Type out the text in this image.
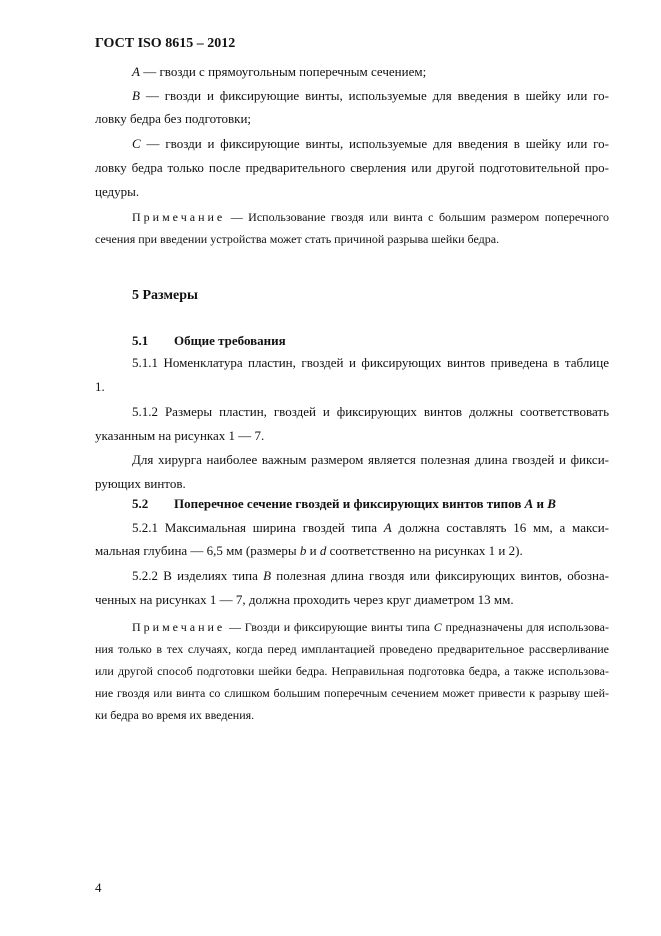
ГОСТ ISO 8615 – 2012
A — гвозди с прямоугольным поперечным сечением;
B — гвозди и фиксирующие винты, используемые для введения в шейку или го-
ловку бедра без подготовки;
C — гвозди и фиксирующие винты, используемые для введения в шейку или го-
ловку бедра только после предварительного сверления или другой подготовительной про-
цедуры.
Примечание — Использование гвоздя или винта с большим размером поперечного
сечения при введении устройства может стать причиной разрыва шейки бедра.
5 Размеры
5.1 Общие требования
5.1.1 Номенклатура пластин, гвоздей и фиксирующих винтов приведена в таблице
1.
5.1.2 Размеры пластин, гвоздей и фиксирующих винтов должны соответствовать
указанным на рисунках 1 — 7.
Для хирурга наиболее важным размером является полезная длина гвоздей и фикси-
рующих винтов.
5.2 Поперечное сечение гвоздей и фиксирующих винтов типов A и B
5.2.1 Максимальная ширина гвоздей типа A должна составлять 16 мм, а макси-
мальная глубина — 6,5 мм (размеры b и d соответственно на рисунках 1 и 2).
5.2.2 В изделиях типа B полезная длина гвоздя или фиксирующих винтов, обозна-
ченных на рисунках 1 — 7, должна проходить через круг диаметром 13 мм.
Примечание — Гвозди и фиксирующие винты типа C предназначены для использова-
ния только в тех случаях, когда перед имплантацией проведено предварительное рассверливание
или другой способ подготовки шейки бедра. Неправильная подготовка бедра, а также использова-
ние гвоздя или винта со слишком большим поперечным сечением может привести к разрыву шей-
ки бедра во время их введения.
4
